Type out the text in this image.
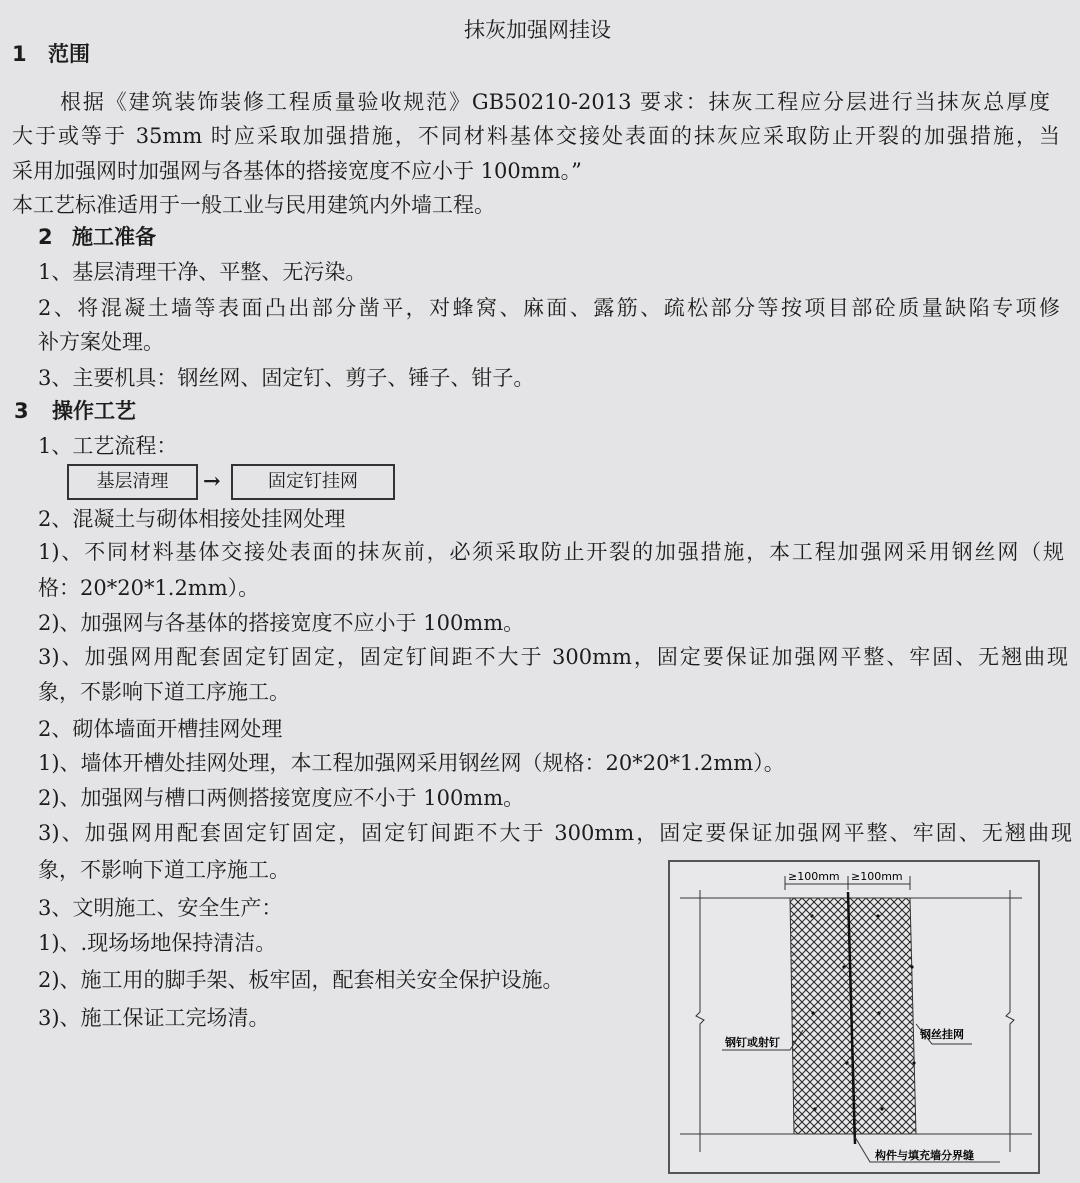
抹灰加强网挂设
1 范围
根据《建筑装饰装修工程质量验收规范》GB50210-2013 要求：抹灰工程应分层进行当抹灰总厚度
大于或等于 35mm 时应采取加强措施，不同材料基体交接处表面的抹灰应采取防止开裂的加强措施，当
采用加强网时加强网与各基体的搭接宽度不应小于 100mm。”
本工艺标准适用于一般工业与民用建筑内外墙工程。
2 施工准备
1、基层清理干净、平整、无污染。
2、将混凝土墙等表面凸出部分凿平，对蜂窝、麻面、露筋、疏松部分等按项目部砼质量缺陷专项修
补方案处理。
3、主要机具：钢丝网、固定钉、剪子、锤子、钳子。
3 操作工艺
1、工艺流程：
基层清理	→	固定钉挂网
2、混凝土与砌体相接处挂网处理
1)、不同材料基体交接处表面的抹灰前，必须采取防止开裂的加强措施，本工程加强网采用钢丝网（规
格：20*20*1.2mm）。
2)、加强网与各基体的搭接宽度不应小于 100mm。
3)、加强网用配套固定钉固定，固定钉间距不大于 300mm，固定要保证加强网平整、牢固、无翘曲现
象，不影响下道工序施工。
2、砌体墙面开槽挂网处理
1)、墙体开槽处挂网处理，本工程加强网采用钢丝网（规格：20*20*1.2mm）。
2)、加强网与槽口两侧搭接宽度应不小于 100mm。
3)、加强网用配套固定钉固定，固定钉间距不大于 300mm，固定要保证加强网平整、牢固、无翘曲现
象，不影响下道工序施工。
3、文明施工、安全生产：
1)、.现场场地保持清洁。
2)、施工用的脚手架、板牢固，配套相关安全保护设施。
3)、施工保证工完场清。
≥100mm ≥100mm
钢钉或射钉
钢丝挂网
构件与填充墙分界缝
